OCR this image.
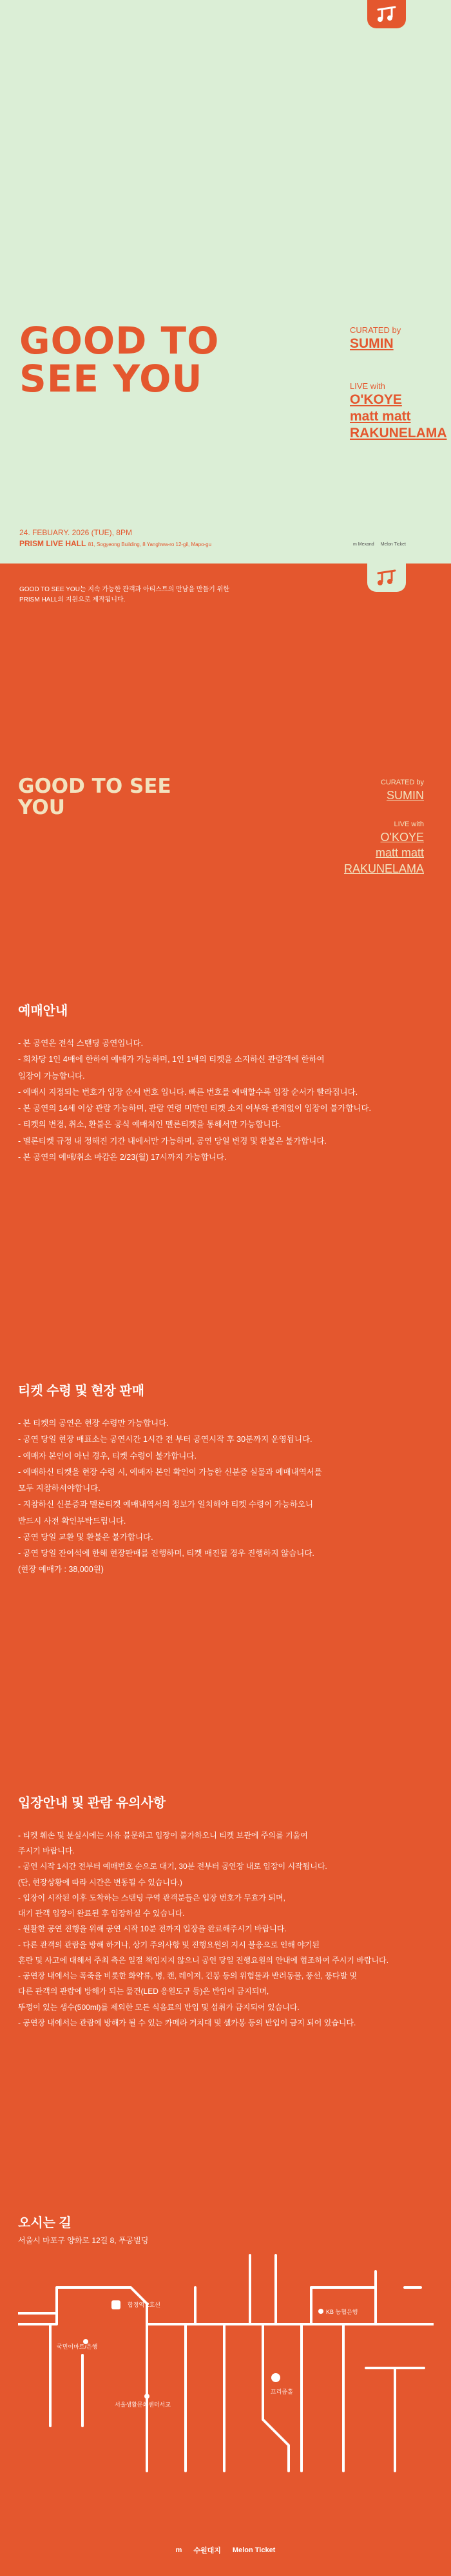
GOOD TO SEE YOU
CURATED by
SUMIN
LIVE with
O'KOYE
matt matt
RAKUNELAMA
24. FEBUARY. 2026 (TUE), 8PM
PRISM LIVE HALL 81, Sogyeong Building, 8 Yanghwa-ro 12-gil, Mapo-gu	m Mexand Melon Ticket
GOOD TO SEE YOU는 지속 가능한 관객과 아티스트의 만남을 만들기 위한
PRISM HALL의 지원으로 제작됩니다.
GOOD TO SEE YOU
CURATED by
SUMIN
LIVE with
O'KOYE
matt matt
RAKUNELAMA
예매안내
- 본 공연은 전석 스탠딩 공연입니다.
- 회차당 1인 4매에 한하여 예매가 가능하며, 1인 1매의 티켓을 소지하신 관람객에 한하여
입장이 가능합니다.
- 예매시 지정되는 번호가 입장 순서 번호 입니다. 빠른 번호를 예매할수록 입장 순서가 빨라집니다.
- 본 공연의 14세 이상 관람 가능하며, 관람 연령 미만인 티켓 소지 여부와 관계없이 입장이 불가합니다.
- 티켓의 변경, 취소, 환불은 공식 예매처인 멜론티켓을 통해서만 가능합니다.
- 멜론티켓 규정 내 정해진 기간 내에서만 가능하며, 공연 당일 변경 및 환불은 불가합니다.
- 본 공연의 예매/취소 마감은 2/23(월) 17시까지 가능합니다.
티켓 수령 및 현장 판매
- 본 티켓의 공연은 현장 수령만 가능합니다.
- 공연 당일 현장 매표소는 공연시간 1시간 전 부터 공연시작 후 30분까지 운영됩니다.
- 예매자 본인이 아닌 경우, 티켓 수령이 불가합니다.
- 예매하신 티켓을 현장 수령 시, 예매자 본인 확인이 가능한 신분증 실물과 예매내역서를
모두 지참하셔야합니다.
- 지참하신 신분증과 멜론티켓 예매내역서의 정보가 일치해야 티켓 수령이 가능하오니
반드시 사전 확인부탁드립니다.
- 공연 당일 교환 및 환불은 불가합니다.
- 공연 당일 잔여석에 한해 현장판매를 진행하며, 티켓 매진될 경우 진행하지 않습니다.
(현장 예매가 : 38,000원)
입장안내 및 관람 유의사항
- 티켓 훼손 및 분실시에는 사유 불문하고 입장이 불가하오니 티켓 보관에 주의를 기울여
주시기 바랍니다.
- 공연 시작 1시간 전부터 예매번호 순으로 대기, 30분 전부터 공연장 내로 입장이 시작됩니다.
(단, 현장상황에 따라 시간은 변동될 수 있습니다.)
- 입장이 시작된 이후 도착하는 스탠딩 구역 관객분들은 입장 번호가 무효가 되며,
대기 관객 입장이 완료된 후 입장하실 수 있습니다.
- 원활한 공연 진행을 위해 공연 시작 10분 전까지 입장을 완료해주시기 바랍니다.
- 다른 관객의 관람을 방해 하거나, 상기 주의사항 및 진행요원의 지시 불응으로 인해 야기된
혼란 및 사고에 대해서 주최 측은 일절 책임지지 않으니 공연 당일 진행요원의 안내에 협조하여 주시기 바랍니다.
- 공연장 내에서는 폭죽을 비롯한 화약류, 병, 캔, 레이저, 긴봉 등의 위험물과 반려동물, 풍선, 풍다발 및
다른 관객의 관람에 방해가 되는 물건(LED 응원도구 등)은 반입이 금지되며,
뚜껑이 있는 생수(500ml)를 제외한 모든 식음료의 반입 및 섭취가 금지되어 있습니다.
- 공연장 내에서는 관람에 방해가 될 수 있는 카메라 거치대 및 셀카봉 등의 반입이 금지 되어 있습니다.
오시는 길
서울시 마포구 양화로 12길 8, 푸공빌딩
합정역 2호선
국민이마트/은행
KB 농협은행
프리즘홀
서울생활문화센터서교
m 수원대지 Melon Ticket
